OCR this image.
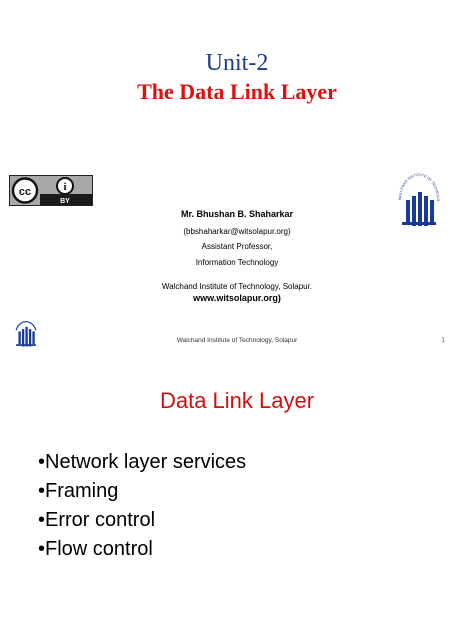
Unit-2
The Data Link Layer
cc	i
BY	WALCHAND INSTITUTE OF TECHNOLO
Mr. Bhushan B. Shaharkar
(bbshaharkar@witsolapur.org)
Assistant Professor,
Information Technology
Walchand Institute of Technology, Solapur.
www.witsolapur.org)
Walchand Institute of Technology, Solapur	1
Data Link Layer
•Network layer services
•Framing
•Error control
•Flow control
